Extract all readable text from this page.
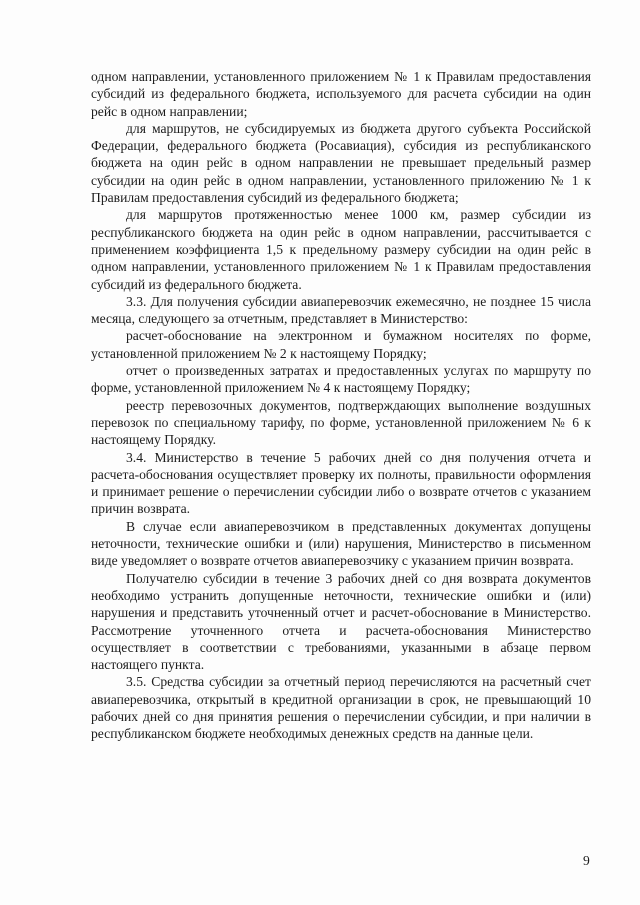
одном направлении, установленного приложением № 1 к Правилам предоставления субсидий из федерального бюджета, используемого для расчета субсидии на один рейс в одном направлении;

для маршрутов, не субсидируемых из бюджета другого субъекта Российской Федерации, федерального бюджета (Росавиация), субсидия из республиканского бюджета на один рейс в одном направлении не превышает предельный размер субсидии на один рейс в одном направлении, установленного приложению № 1 к Правилам предоставления субсидий из федерального бюджета;

для маршрутов протяженностью менее 1000 км, размер субсидии из республиканского бюджета на один рейс в одном направлении, рассчитывается с применением коэффициента 1,5 к предельному размеру субсидии на один рейс в одном направлении, установленного приложением № 1 к Правилам предоставления субсидий из федерального бюджета.

3.3. Для получения субсидии авиаперевозчик ежемесячно, не позднее 15 числа месяца, следующего за отчетным, представляет в Министерство:

расчет-обоснование на электронном и бумажном носителях по форме, установленной приложением № 2 к настоящему Порядку;

отчет о произведенных затратах и предоставленных услугах по маршруту по форме, установленной приложением № 4 к настоящему Порядку;

реестр перевозочных документов, подтверждающих выполнение воздушных перевозок по специальному тарифу, по форме, установленной приложением № 6 к настоящему Порядку.

3.4. Министерство в течение 5 рабочих дней со дня получения отчета и расчета-обоснования осуществляет проверку их полноты, правильности оформления и принимает решение о перечислении субсидии либо о возврате отчетов с указанием причин возврата.

В случае если авиаперевозчиком в представленных документах допущены неточности, технические ошибки и (или) нарушения, Министерство в письменном виде уведомляет о возврате отчетов авиаперевозчику с указанием причин возврата.

Получателю субсидии в течение 3 рабочих дней со дня возврата документов необходимо устранить допущенные неточности, технические ошибки и (или) нарушения и представить уточненный отчет и расчет-обоснование в Министерство. Рассмотрение уточненного отчета и расчета-обоснования Министерство осуществляет в соответствии с требованиями, указанными в абзаце первом настоящего пункта.

3.5. Средства субсидии за отчетный период перечисляются на расчетный счет авиаперевозчика, открытый в кредитной организации в срок, не превышающий 10 рабочих дней со дня принятия решения о перечислении субсидии, и при наличии в республиканском бюджете необходимых денежных средств на данные цели.

9
